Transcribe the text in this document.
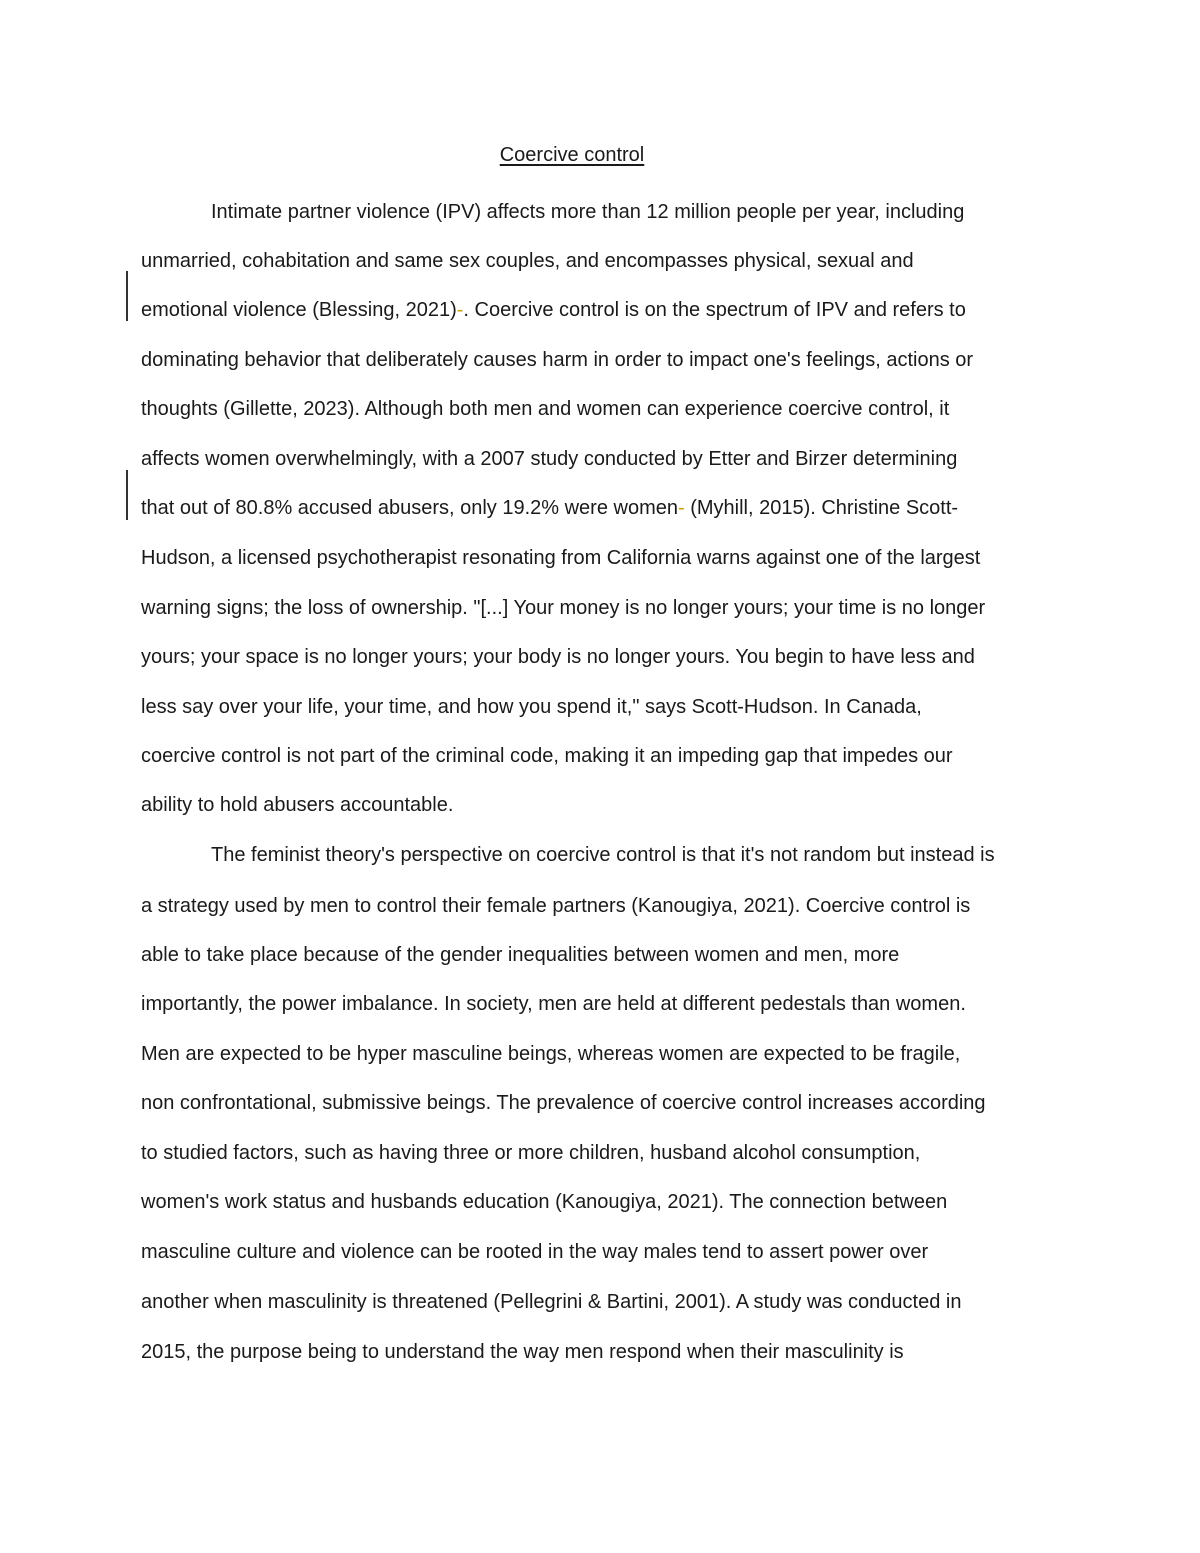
Coercive control
Intimate partner violence (IPV) affects more than 12 million people per year, including
unmarried, cohabitation and same sex couples, and encompasses physical, sexual and
emotional violence (Blessing, 2021)-. Coercive control is on the spectrum of IPV and refers to
dominating behavior that deliberately causes harm in order to impact one's feelings, actions or
thoughts (Gillette, 2023). Although both men and women can experience coercive control, it
affects women overwhelmingly, with a 2007 study conducted by Etter and Birzer determining
that out of 80.8% accused abusers, only 19.2% were women- (Myhill, 2015). Christine Scott-
Hudson, a licensed psychotherapist resonating from California warns against one of the largest
warning signs; the loss of ownership. "[...] Your money is no longer yours; your time is no longer
yours; your space is no longer yours; your body is no longer yours. You begin to have less and
less say over your life, your time, and how you spend it," says Scott-Hudson. In Canada,
coercive control is not part of the criminal code, making it an impeding gap that impedes our
ability to hold abusers accountable.
The feminist theory's perspective on coercive control is that it's not random but instead is
a strategy used by men to control their female partners (Kanougiya, 2021). Coercive control is
able to take place because of the gender inequalities between women and men, more
importantly, the power imbalance. In society, men are held at different pedestals than women.
Men are expected to be hyper masculine beings, whereas women are expected to be fragile,
non confrontational, submissive beings. The prevalence of coercive control increases according
to studied factors, such as having three or more children, husband alcohol consumption,
women's work status and husbands education (Kanougiya, 2021). The connection between
masculine culture and violence can be rooted in the way males tend to assert power over
another when masculinity is threatened (Pellegrini & Bartini, 2001). A study was conducted in
2015, the purpose being to understand the way men respond when their masculinity is
